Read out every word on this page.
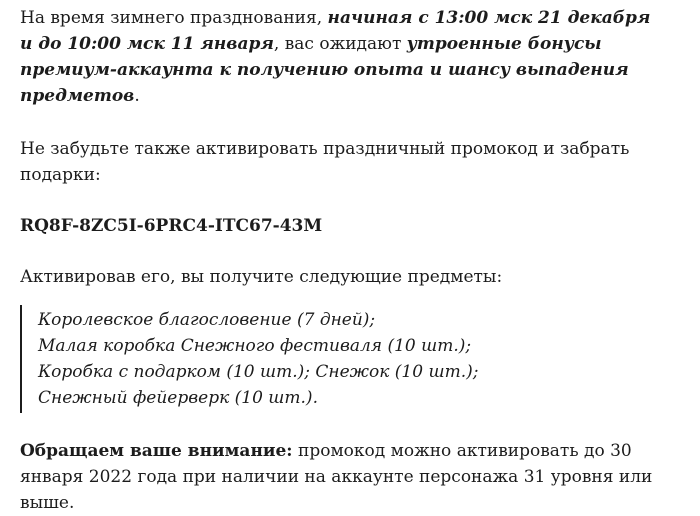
На время зимнего празднования, начиная с 13:00 мск 21 декабря и до 10:00 мск 11 января, вас ожидают утроенные бонусы премиум-аккаунта к получению опыта и шансу выпадения предметов.

Не забудьте также активировать праздничный промокод и забрать подарки:

RQ8F-8ZC5I-6PRC4-ITC67-43M

Активировав его, вы получите следующие предметы:

Королевское благословение (7 дней);
Малая коробка Снежного фестиваля (10 шт.);
Коробка с подарком (10 шт.); Снежок (10 шт.);
Снежный фейерверк (10 шт.).

Обращаем ваше внимание: промокод можно активировать до 30 января 2022 года при наличии на аккаунте персонажа 31 уровня или выше.
